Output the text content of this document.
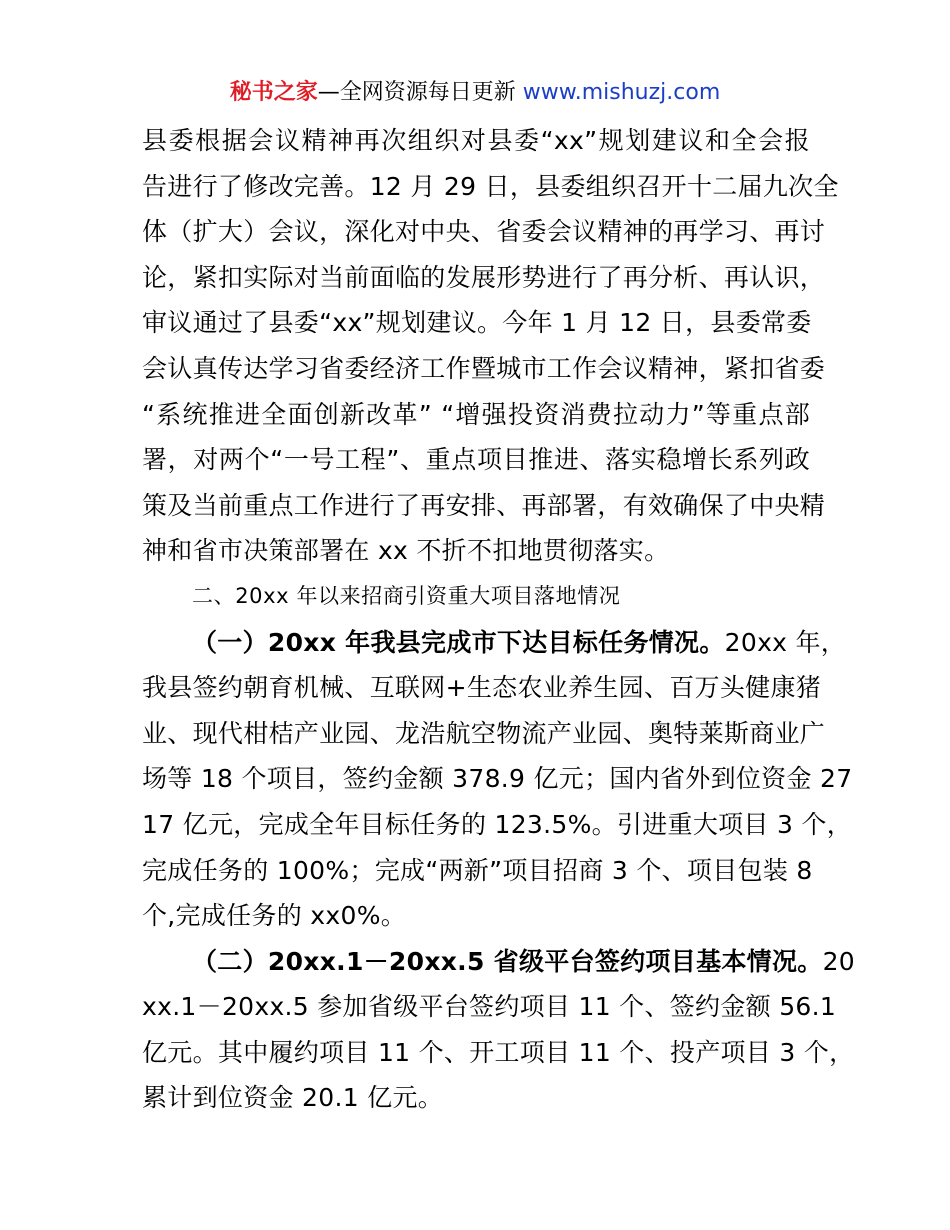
秘书之家—全网资源每日更新 www.mishuzj.com
县委根据会议精神再次组织对县委“xx”规划建议和全会报
告进行了修改完善。12 月 29 日，县委组织召开十二届九次全
体（扩大）会议，深化对中央、省委会议精神的再学习、再讨
论，紧扣实际对当前面临的发展形势进行了再分析、再认识，
审议通过了县委“xx”规划建议。今年 1 月 12 日，县委常委
会认真传达学习省委经济工作暨城市工作会议精神，紧扣省委
“系统推进全面创新改革” “增强投资消费拉动力”等重点部
署，对两个“一号工程”、重点项目推进、落实稳增长系列政
策及当前重点工作进行了再安排、再部署，有效确保了中央精
神和省市决策部署在 xx 不折不扣地贯彻落实。
二、20xx 年以来招商引资重大项目落地情况
（一）20xx 年我县完成市下达目标任务情况。20xx 年，
我县签约朝育机械、互联网+生态农业养生园、百万头健康猪
业、现代柑桔产业园、龙浩航空物流产业园、奥特莱斯商业广
场等 18 个项目，签约金额 378.9 亿元；国内省外到位资金 27
17 亿元，完成全年目标任务的 123.5%。引进重大项目 3 个，
完成任务的 100%；完成“两新”项目招商 3 个、项目包装 8
个,完成任务的 xx0%。
（二）20xx.1－20xx.5 省级平台签约项目基本情况。20
xx.1－20xx.5 参加省级平台签约项目 11 个、签约金额 56.1
亿元。其中履约项目 11 个、开工项目 11 个、投产项目 3 个，
累计到位资金 20.1 亿元。
